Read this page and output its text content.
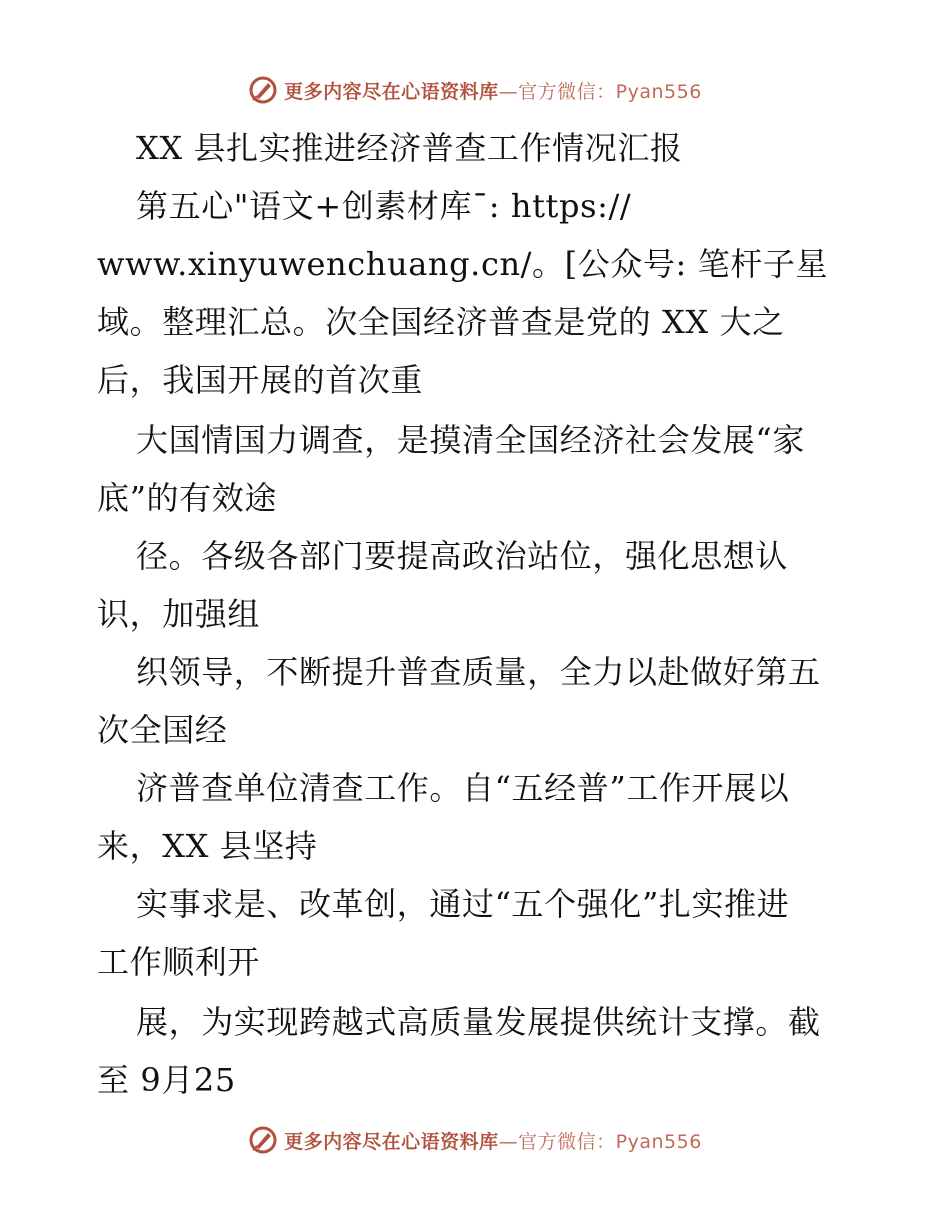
更多内容尽在心语资料库—官方微信：Pyan556
XX 县扎实推进经济普查工作情况汇报
第五心"语文+创素材库¯: https://
www.xinyuwenchuang.cn/。[公众号: 笔杆子星
域。整理汇总。次全国经济普查是党的 XX 大之
后，我国开展的首次重
大国情国力调查，是摸清全国经济社会发展“家
底”的有效途
径。各级各部门要提高政治站位，强化思想认
识，加强组
织领导，不断提升普查质量，全力以赴做好第五
次全国经
济普查单位清查工作。自“五经普”工作开展以
来，XX 县坚持
实事求是、改革创，通过“五个强化”扎实推进
工作顺利开
展，为实现跨越式高质量发展提供统计支撑。截
至 9月25
更多内容尽在心语资料库—官方微信：Pyan556
